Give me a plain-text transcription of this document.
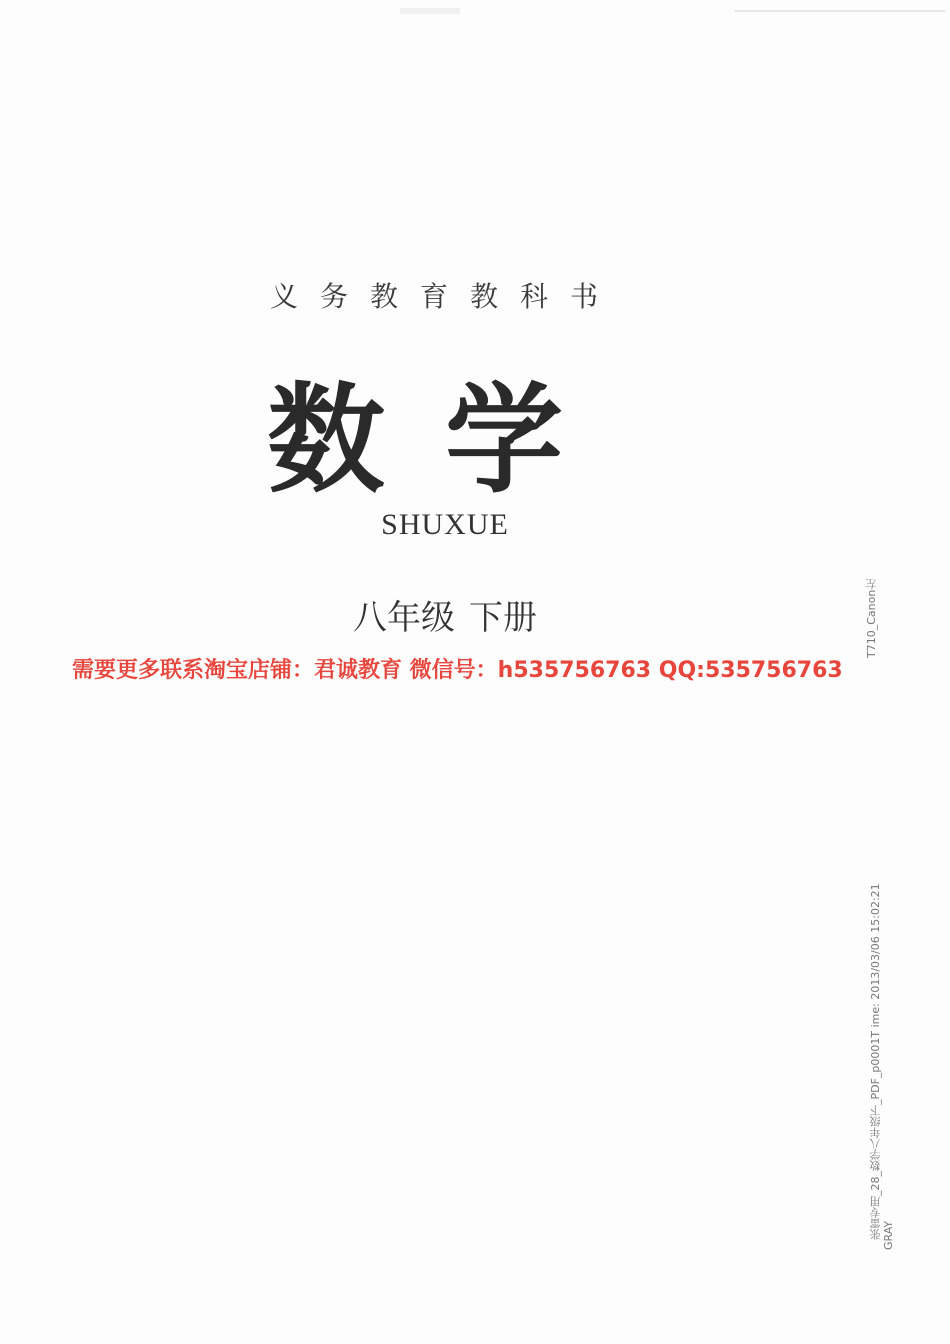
义务教育教科书
数学
SHUXUE
八年级 下册
需要更多联系淘宝店铺：君诚教育 微信号：h535756763 QQ:535756763
T710_Canon左
张雷专用_28_数学八年级下_PDF_p0001T ime: 2013/03/06 15:02:21 GRAY
